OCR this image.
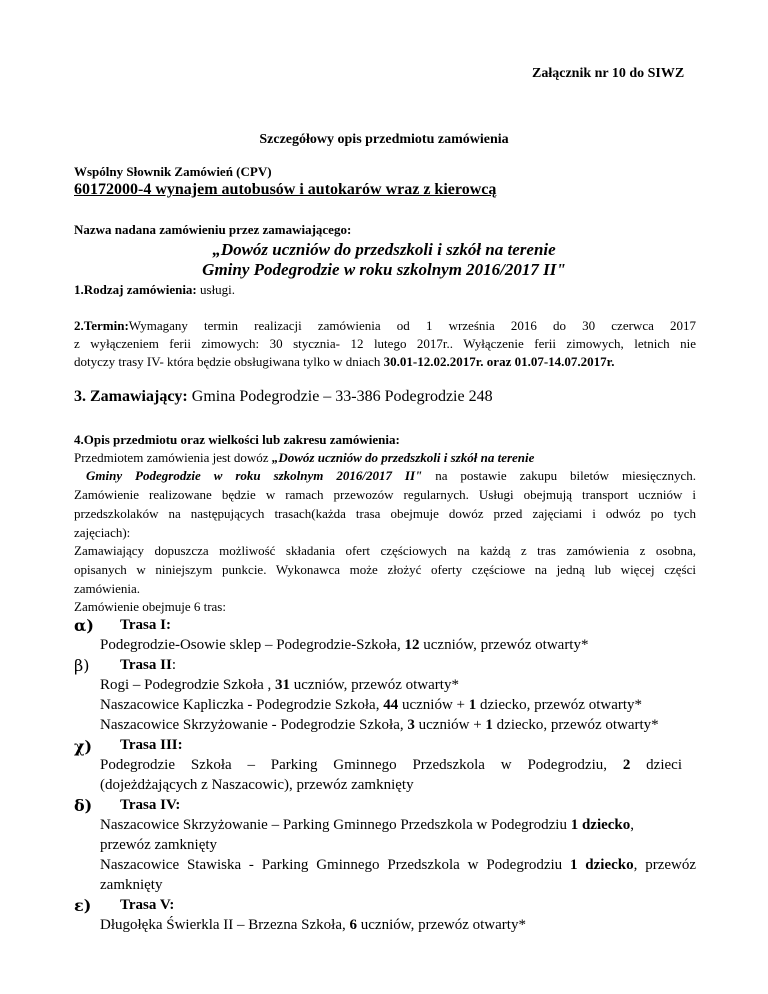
Załącznik nr 10 do SIWZ
Szczegółowy opis przedmiotu zamówienia
Wspólny Słownik Zamówień (CPV)
60172000-4 wynajem autobusów i autokarów wraz z kierowcą
Nazwa nadana zamówieniu przez zamawiającego:
„Dowóz uczniów do przedszkoli i szkół na terenie
Gminy Podegrodzie w roku szkolnym 2016/2017 II"
1.Rodzaj zamówienia: usługi.
2.Termin:Wymagany termin realizacji zamówienia od 1 września 2016 do 30 czerwca 2017
z wyłączeniem ferii zimowych: 30 stycznia- 12 lutego 2017r.. Wyłączenie ferii zimowych, letnich nie
dotyczy trasy IV- która będzie obsługiwana tylko w dniach 30.01-12.02.2017r. oraz 01.07-14.07.2017r.
3. Zamawiający: Gmina Podegrodzie – 33-386 Podegrodzie 248
4.Opis przedmiotu oraz wielkości lub zakresu zamówienia:
Przedmiotem zamówienia jest dowóz „Dowóz uczniów do przedszkoli i szkół na terenie
Gminy Podegrodzie w roku szkolnym 2016/2017 II" na postawie zakupu biletów miesięcznych.
Zamówienie realizowane będzie w ramach przewozów regularnych. Usługi obejmują transport uczniów i
przedszkolaków na następujących trasach(każda trasa obejmuje dowóz przed zajęciami i odwóz po tych
zajęciach):
Zamawiający dopuszcza możliwość składania ofert częściowych na każdą z tras zamówienia z osobna,
opisanych w niniejszym punkcie. Wykonawca może złożyć oferty częściowe na jedną lub więcej części
zamówienia.
Zamówienie obejmuje 6 tras:
α) Trasa I:
Podegrodzie-Osowie sklep – Podegrodzie-Szkoła, 12 uczniów, przewóz otwarty*
β) Trasa II:
Rogi – Podegrodzie Szkoła , 31 uczniów, przewóz otwarty*
Naszacowice Kapliczka - Podegrodzie Szkoła, 44 uczniów + 1 dziecko, przewóz otwarty*
Naszacowice Skrzyżowanie - Podegrodzie Szkoła, 3 uczniów + 1 dziecko, przewóz otwarty*
χ) Trasa III:
Podegrodzie Szkoła – Parking Gminnego Przedszkola w Podegrodziu, 2 dzieci
(dojeżdżających z Naszacowic), przewóz zamknięty
δ) Trasa IV:
Naszacowice Skrzyżowanie – Parking Gminnego Przedszkola w Podegrodziu 1 dziecko,
przewóz zamknięty
Naszacowice Stawiska - Parking Gminnego Przedszkola w Podegrodziu 1 dziecko, przewóz
zamknięty
ε) Trasa V:
Długołęka Świerkla II – Brzezna Szkoła, 6 uczniów, przewóz otwarty*
